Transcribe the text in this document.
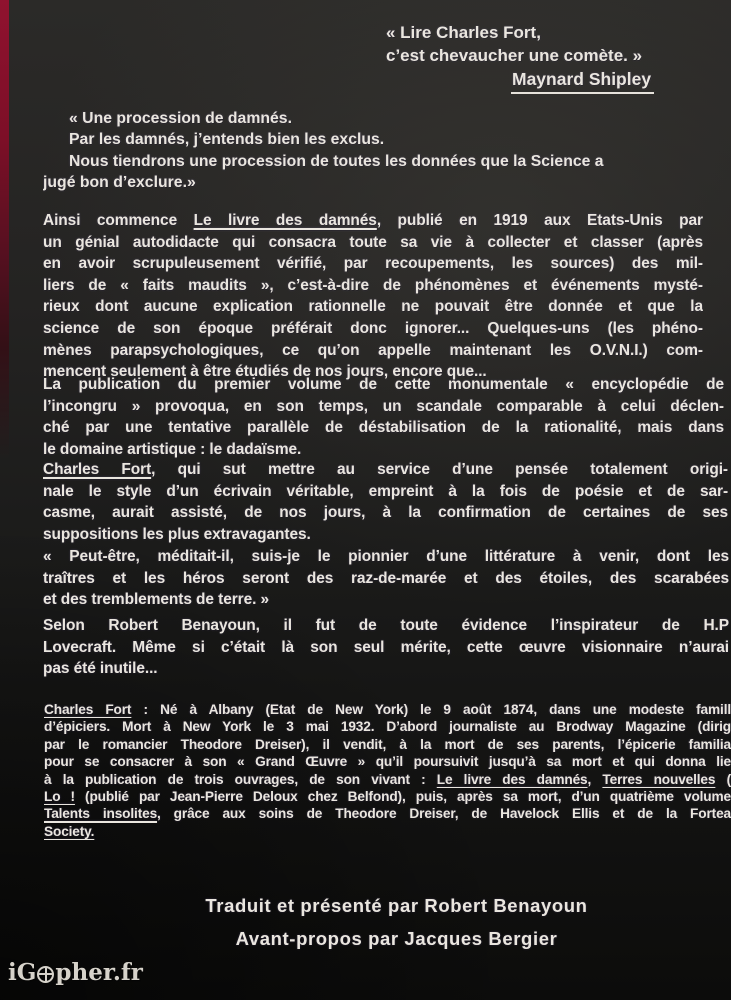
« Lire Charles Fort,
c’est chevaucher une comète. »
Maynard Shipley
« Une procession de damnés.
Par les damnés, j’entends bien les exclus.
Nous tiendrons une procession de toutes les données que la Science a
jugé bon d’exclure.»
Ainsi commence Le livre des damnés, publié en 1919 aux Etats-Unis par
un génial autodidacte qui consacra toute sa vie à collecter et classer (après
en avoir scrupuleusement vérifié, par recoupements, les sources) des mil-
liers de « faits maudits », c’est-à-dire de phénomènes et événements mysté-
rieux dont aucune explication rationnelle ne pouvait être donnée et que la
science de son époque préférait donc ignorer... Quelques-uns (les phéno-
mènes parapsychologiques, ce qu’on appelle maintenant les O.V.N.I.) com-
mencent seulement à être étudiés de nos jours, encore que...
La publication du premier volume de cette monumentale « encyclopédie de
l’incongru » provoqua, en son temps, un scandale comparable à celui déclen-
ché par une tentative parallèle de déstabilisation de la rationalité, mais dans
le domaine artistique : le dadaïsme.
Charles Fort, qui sut mettre au service d’une pensée totalement origi-
nale le style d’un écrivain véritable, empreint à la fois de poésie et de sar-
casme, aurait assisté, de nos jours, à la confirmation de certaines de ses
suppositions les plus extravagantes.
« Peut-être, méditait-il, suis-je le pionnier d’une littérature à venir, dont les
traîtres et les héros seront des raz-de-marée et des étoiles, des scarabées
et des tremblements de terre. »
Selon Robert Benayoun, il fut de toute évidence l’inspirateur de H.P
Lovecraft. Même si c’était là son seul mérite, cette œuvre visionnaire n’aurai
pas été inutile...
Charles Fort : Né à Albany (Etat de New York) le 9 août 1874, dans une modeste famill
d’épiciers. Mort à New York le 3 mai 1932. D’abord journaliste au Brodway Magazine (dirig
par le romancier Theodore Dreiser), il vendit, à la mort de ses parents, l’épicerie familia
pour se consacrer à son « Grand Œuvre » qu’il poursuivit jusqu’à sa mort et qui donna lie
à la publication de trois ouvrages, de son vivant : Le livre des damnés, Terres nouvelles (
Lo ! (publié par Jean-Pierre Deloux chez Belfond), puis, après sa mort, d’un quatrième volume
Talents insolites, grâce aux soins de Theodore Dreiser, de Havelock Ellis et de la Fortea
Society.
Traduit et présenté par Robert Benayoun
Avant-propos par Jacques Bergier
iG pher.fr
